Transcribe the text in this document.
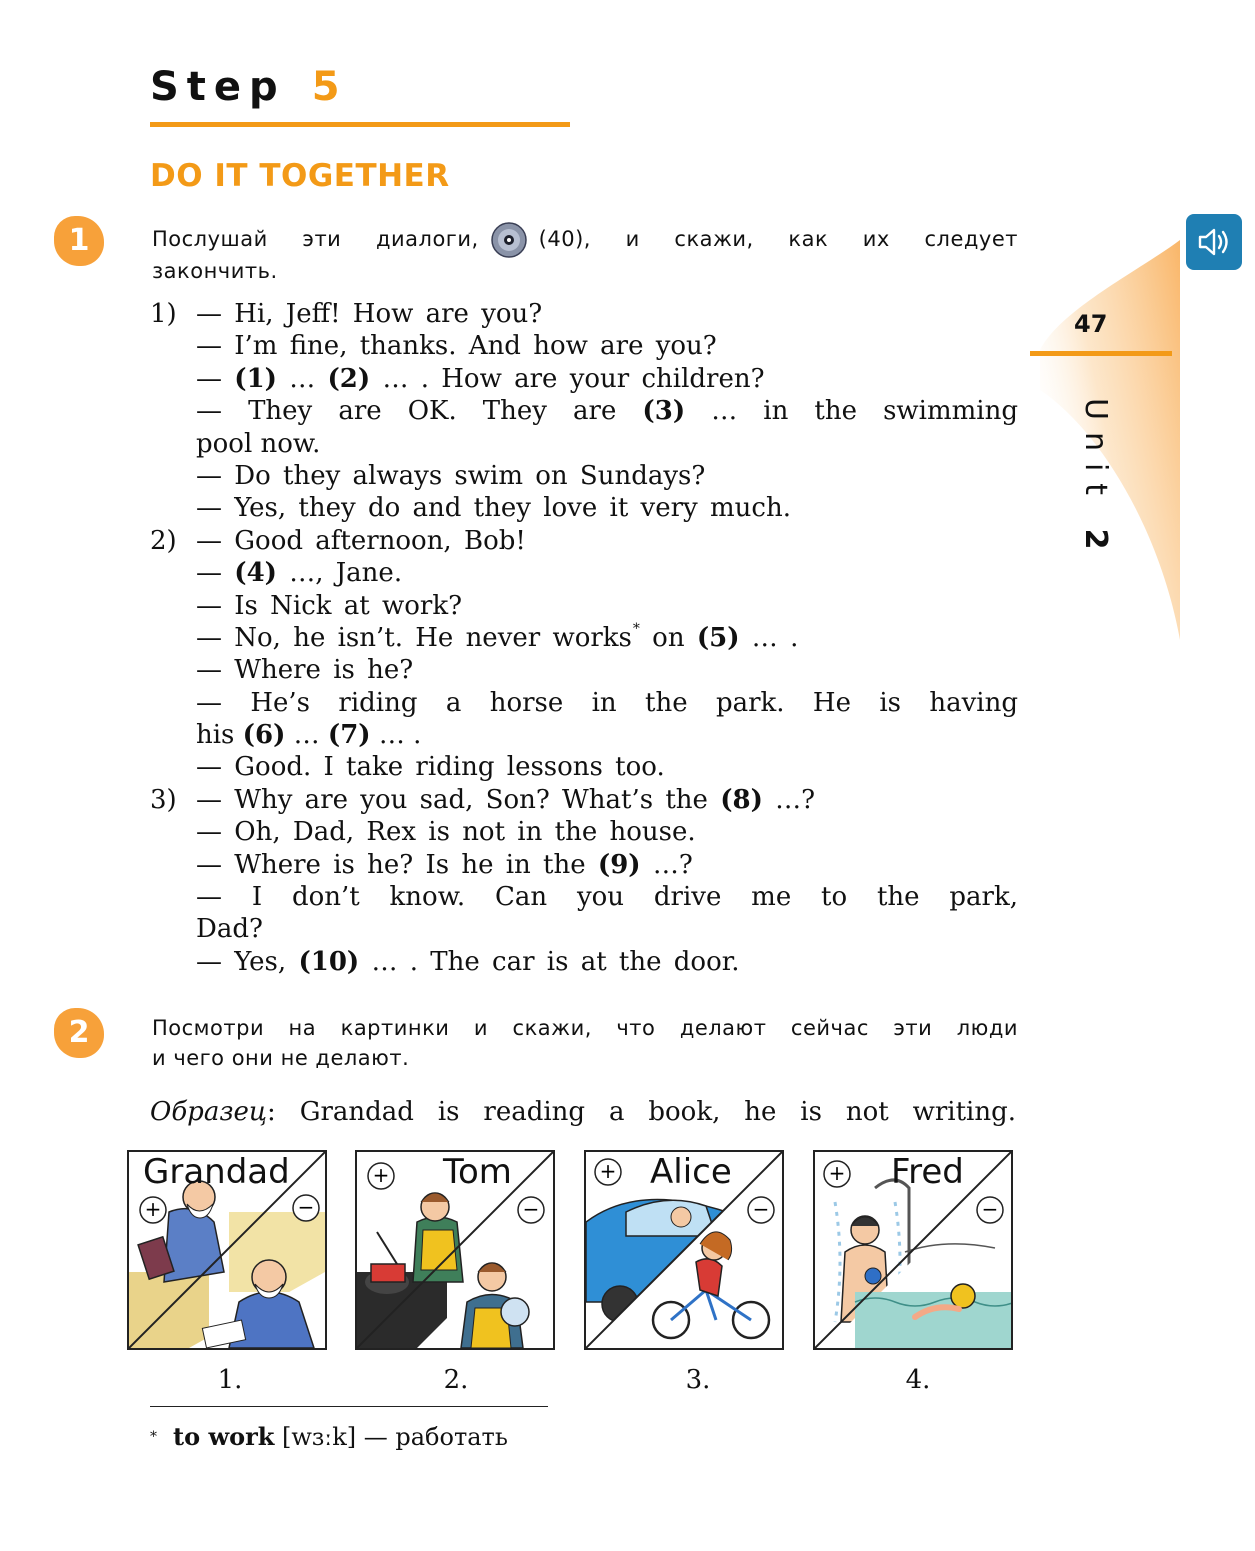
Step 5
DO IT TOGETHER
47
Unit 2
1	Послушай эти диалоги,	(40), и скажи, как их следует
закончить.
1) — Hi, Jeff! How are you?
— I’m fine, thanks. And how are you?
— (1) … (2) … . How are your children?
— They are OK. They are (3) … in the swimming
pool now.
— Do they always swim on Sundays?
— Yes, they do and they love it very much.
2) — Good afternoon, Bob!
— (4) …, Jane.
— Is Nick at work?
— No, he isn’t. He never works* on (5) … .
— Where is he?
— He’s riding a horse in the park. He is having
his (6) … (7) … .
— Good. I take riding lessons too.
3) — Why are you sad, Son? What’s the (8) …?
— Oh, Dad, Rex is not in the house.
— Where is he? Is he in the (9) …?
— I don’t know. Can you drive me to the park,
Dad?
— Yes, (10) … . The car is at the door.
2	Посмотри на картинки и скажи, что делают сейчас эти люди
и чего они не делают.
Образец: Grandad is reading a book, he is not writing.
+	−
Grandad	+
−
Tom	+
−
Alice	+
−
Fred
1.	2.	3.	4.
* to work [wɜːk] — работать
